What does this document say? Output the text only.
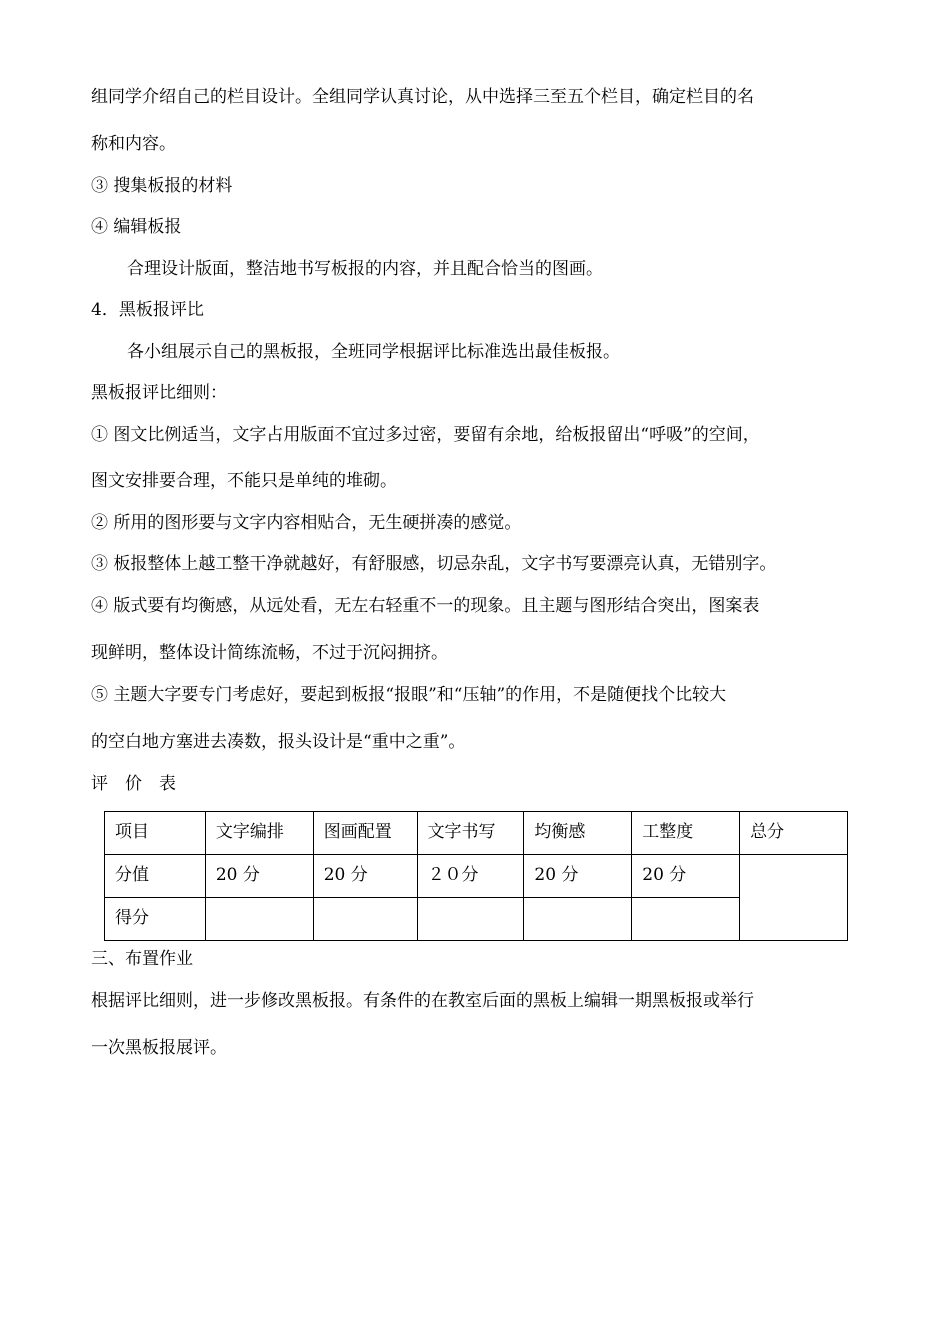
组同学介绍自己的栏目设计。全组同学认真讨论，从中选择三至五个栏目，确定栏目的名
称和内容。
③ 搜集板报的材料
④ 编辑板报
合理设计版面，整洁地书写板报的内容，并且配合恰当的图画。
4．黑板报评比
各小组展示自己的黑板报，全班同学根据评比标准选出最佳板报。
黑板报评比细则：
① 图文比例适当，文字占用版面不宜过多过密，要留有余地，给板报留出“呼吸”的空间，
图文安排要合理，不能只是单纯的堆砌。
② 所用的图形要与文字内容相贴合，无生硬拼凑的感觉。
③ 板报整体上越工整干净就越好，有舒服感，切忌杂乱，文字书写要漂亮认真，无错别字。
④ 版式要有均衡感，从远处看，无左右轻重不一的现象。且主题与图形结合突出，图案表
现鲜明，整体设计简练流畅，不过于沉闷拥挤。
⑤ 主题大字要专门考虑好，要起到板报“报眼”和“压轴”的作用，不是随便找个比较大
的空白地方塞进去凑数，报头设计是“重中之重”。
评　价　表
项目	文字编排	图画配置	文字书写	均衡感	工整度	总分
分值	20 分	20 分	２０分	20 分	20 分	
得分						
三、布置作业
根据评比细则，进一步修改黑板报。有条件的在教室后面的黑板上编辑一期黑板报或举行
一次黑板报展评。
